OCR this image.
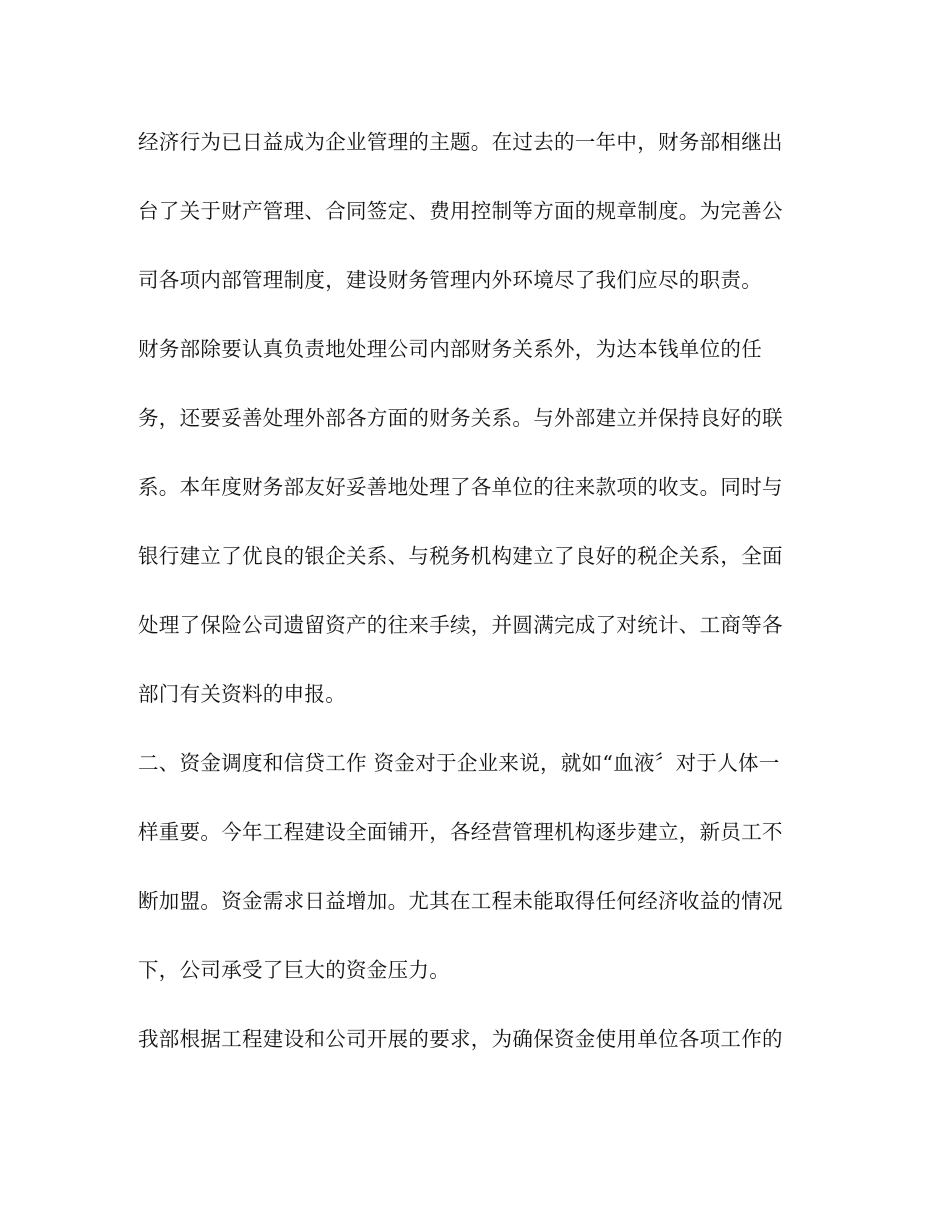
经济行为已日益成为企业管理的主题。在过去的一年中，财务部相继出
台了关于财产管理、合同签定、费用控制等方面的规章制度。为完善公
司各项内部管理制度，建设财务管理内外环境尽了我们应尽的职责。
财务部除要认真负责地处理公司内部财务关系外，为达本钱单位的任
务，还要妥善处理外部各方面的财务关系。与外部建立并保持良好的联
系。本年度财务部友好妥善地处理了各单位的往来款项的收支。同时与
银行建立了优良的银企关系、与税务机构建立了良好的税企关系，全面
处理了保险公司遗留资产的往来手续，并圆满完成了对统计、工商等各
部门有关资料的申报。
二、资金调度和信贷工作 资金对于企业来说，就如“血液〞对于人体一
样重要。今年工程建设全面铺开，各经营管理机构逐步建立，新员工不
断加盟。资金需求日益增加。尤其在工程未能取得任何经济收益的情况
下，公司承受了巨大的资金压力。
我部根据工程建设和公司开展的要求，为确保资金使用单位各项工作的
